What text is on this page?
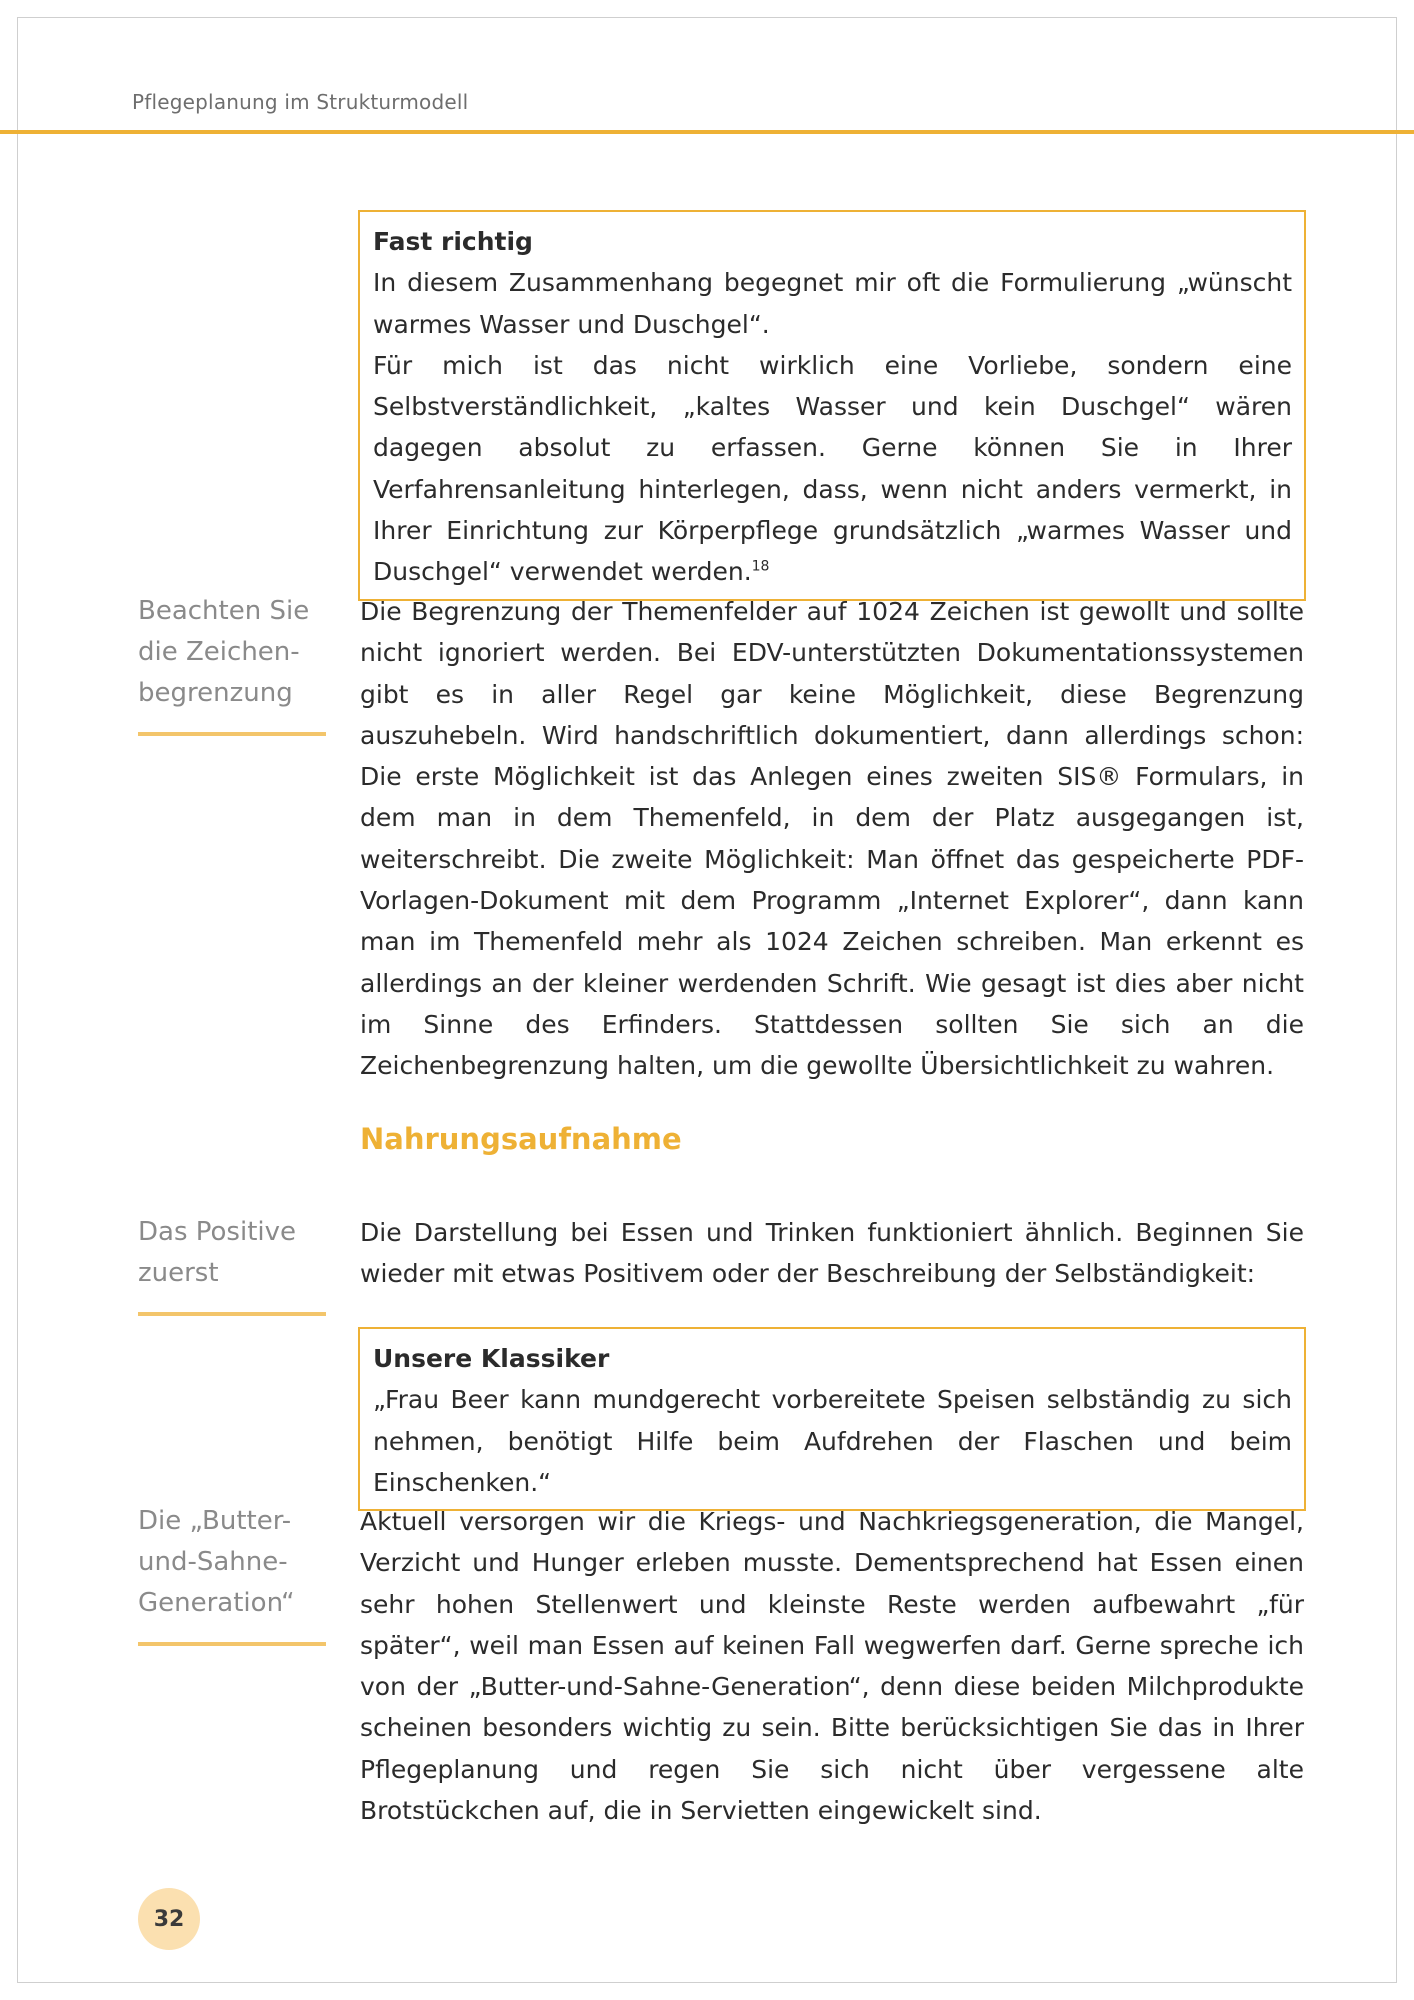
Pflegeplanung im Strukturmodell
Fast richtig

In diesem Zusammenhang begegnet mir oft die Formulierung „wünscht warmes Wasser und Duschgel“.

Für mich ist das nicht wirklich eine Vorliebe, sondern eine Selbstverständlichkeit, „kaltes Wasser und kein Duschgel“ wären dagegen absolut zu erfassen. Gerne können Sie in Ihrer Verfahrensanleitung hinterlegen, dass, wenn nicht anders vermerkt, in Ihrer Einrichtung zur Körperpflege grundsätzlich „warmes Wasser und Duschgel“ verwendet werden.$^{18}$

Beachten Sie
die Zeichen-
begrenzung

Die Begrenzung der Themenfelder auf 1024 Zeichen ist gewollt und sollte nicht ignoriert werden. Bei EDV-unterstützten Dokumentationssystemen gibt es in aller Regel gar keine Möglichkeit, diese Begrenzung auszuhebeln. Wird handschriftlich dokumentiert, dann allerdings schon: Die erste Möglichkeit ist das Anlegen eines zweiten SIS® Formulars, in dem man in dem Themenfeld, in dem der Platz ausgegangen ist, weiterschreibt. Die zweite Möglichkeit: Man öffnet das gespeicherte PDF-Vorlagen-Dokument mit dem Programm „Internet Explorer“, dann kann man im Themenfeld mehr als 1024 Zeichen schreiben. Man erkennt es allerdings an der kleiner werdenden Schrift. Wie gesagt ist dies aber nicht im Sinne des Erfinders. Stattdessen sollten Sie sich an die Zeichenbegrenzung halten, um die gewollte Übersichtlichkeit zu wahren.

Nahrungsaufnahme
Das Positive
zuerst

Die Darstellung bei Essen und Trinken funktioniert ähnlich. Beginnen Sie wieder mit etwas Positivem oder der Beschreibung der Selbständigkeit:

Unsere Klassiker

„Frau Beer kann mundgerecht vorbereitete Speisen selbständig zu sich nehmen, benötigt Hilfe beim Aufdrehen der Flaschen und beim Einschenken.“

Die „Butter-
und-Sahne-
Generation“

Aktuell versorgen wir die Kriegs- und Nachkriegsgeneration, die Mangel, Verzicht und Hunger erleben musste. Dementsprechend hat Essen einen sehr hohen Stellenwert und kleinste Reste werden aufbewahrt „für später“, weil man Essen auf keinen Fall wegwerfen darf. Gerne spreche ich von der „Butter-und-Sahne-Generation“, denn diese beiden Milchprodukte scheinen besonders wichtig zu sein. Bitte berücksichtigen Sie das in Ihrer Pflegeplanung und regen Sie sich nicht über vergessene alte Brotstückchen auf, die in Servietten eingewickelt sind.

32
